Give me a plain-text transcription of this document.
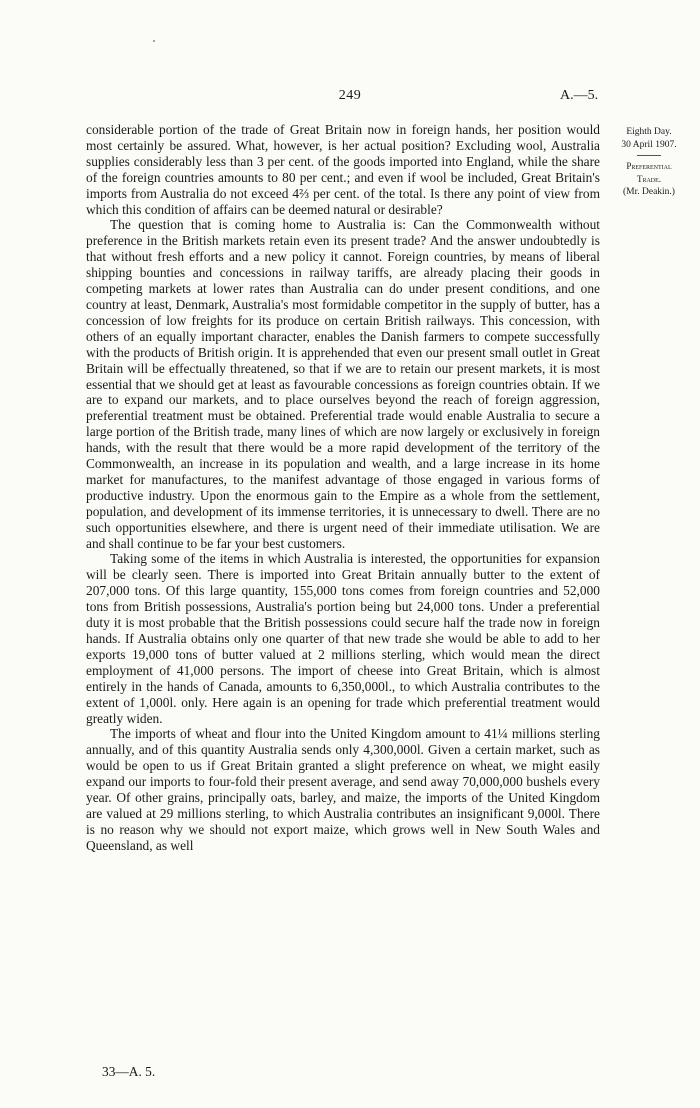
249	A.—5.

considerable portion of the trade of Great Britain now in foreign hands, her position would most certainly be assured. What, however, is her actual position? Excluding wool, Australia supplies considerably less than 3 per cent. of the goods imported into England, while the share of the foreign countries amounts to 80 per cent.; and even if wool be included, Great Britain's imports from Australia do not exceed 4⅔ per cent. of the total. Is there any point of view from which this condition of affairs can be deemed natural or desirable?

The question that is coming home to Australia is: Can the Commonwealth without preference in the British markets retain even its present trade? And the answer undoubtedly is that without fresh efforts and a new policy it cannot. Foreign countries, by means of liberal shipping bounties and concessions in railway tariffs, are already placing their goods in competing markets at lower rates than Australia can do under present conditions, and one country at least, Denmark, Australia's most formidable competitor in the supply of butter, has a concession of low freights for its produce on certain British railways. This concession, with others of an equally important character, enables the Danish farmers to compete successfully with the products of British origin. It is apprehended that even our present small outlet in Great Britain will be effectually threatened, so that if we are to retain our present markets, it is most essential that we should get at least as favourable concessions as foreign countries obtain. If we are to expand our markets, and to place ourselves beyond the reach of foreign aggression, preferential treatment must be obtained. Preferential trade would enable Australia to secure a large portion of the British trade, many lines of which are now largely or exclusively in foreign hands, with the result that there would be a more rapid development of the territory of the Commonwealth, an increase in its population and wealth, and a large increase in its home market for manufactures, to the manifest advantage of those engaged in various forms of productive industry. Upon the enormous gain to the Empire as a whole from the settlement, population, and development of its immense territories, it is unnecessary to dwell. There are no such opportunities elsewhere, and there is urgent need of their immediate utilisation. We are and shall continue to be far your best customers.

Taking some of the items in which Australia is interested, the opportunities for expansion will be clearly seen. There is imported into Great Britain annually butter to the extent of 207,000 tons. Of this large quantity, 155,000 tons comes from foreign countries and 52,000 tons from British possessions, Australia's portion being but 24,000 tons. Under a preferential duty it is most probable that the British possessions could secure half the trade now in foreign hands. If Australia obtains only one quarter of that new trade she would be able to add to her exports 19,000 tons of butter valued at 2 millions sterling, which would mean the direct employment of 41,000 persons. The import of cheese into Great Britain, which is almost entirely in the hands of Canada, amounts to 6,350,000l., to which Australia contributes to the extent of 1,000l. only. Here again is an opening for trade which preferential treatment would greatly widen.

The imports of wheat and flour into the United Kingdom amount to 41¼ millions sterling annually, and of this quantity Australia sends only 4,300,000l. Given a certain market, such as would be open to us if Great Britain granted a slight preference on wheat, we might easily expand our imports to four-fold their present average, and send away 70,000,000 bushels every year. Of other grains, principally oats, barley, and maize, the imports of the United Kingdom are valued at 29 millions sterling, to which Australia contributes an insignificant 9,000l. There is no reason why we should not export maize, which grows well in New South Wales and Queensland, as well

Eighth Day.
30 April 1907.
Preferential
Trade.
(Mr. Deakin.)
33—A. 5.
